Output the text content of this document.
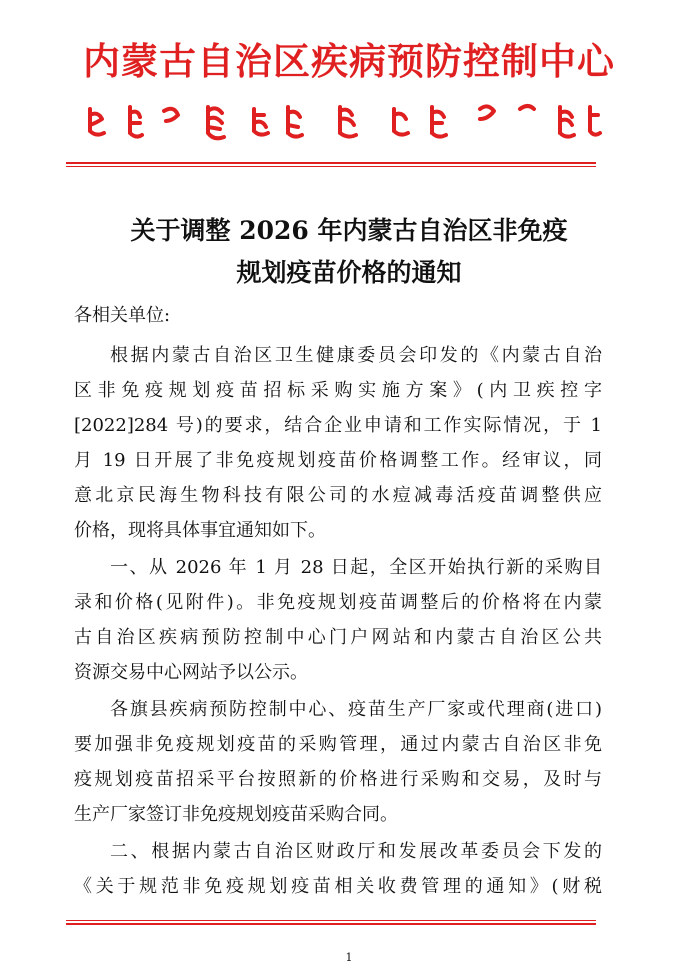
内蒙古自治区疾病预防控制中心
关于调整 2026 年内蒙古自治区非免疫
规划疫苗价格的通知
各相关单位:
根据内蒙古自治区卫生健康委员会印发的《内蒙古自治
区非免疫规划疫苗招标采购实施方案》(内卫疾控字
[2022]284 号)的要求，结合企业申请和工作实际情况，于 1
月 19 日开展了非免疫规划疫苗价格调整工作。经审议，同
意北京民海生物科技有限公司的水痘减毒活疫苗调整供应
价格，现将具体事宜通知如下。
一、从 2026 年 1 月 28 日起，全区开始执行新的采购目
录和价格(见附件)。非免疫规划疫苗调整后的价格将在内蒙
古自治区疾病预防控制中心门户网站和内蒙古自治区公共
资源交易中心网站予以公示。
各旗县疾病预防控制中心、疫苗生产厂家或代理商(进口)
要加强非免疫规划疫苗的采购管理，通过内蒙古自治区非免
疫规划疫苗招采平台按照新的价格进行采购和交易，及时与
生产厂家签订非免疫规划疫苗采购合同。
二、根据内蒙古自治区财政厅和发展改革委员会下发的
《关于规范非免疫规划疫苗相关收费管理的通知》(财税
1
